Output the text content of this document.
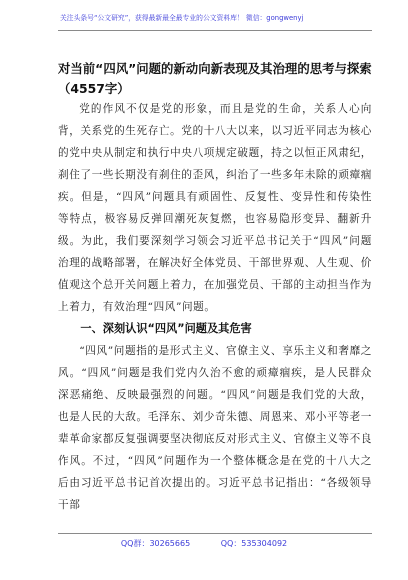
关注头条号“公文研究”，获得最新最全最专业的公文资料库！ 微信：gongwenyj
对当前“四风”问题的新动向新表现及其治理的思考与探索（4557字）

党的作风不仅是党的形象，而且是党的生命，关系人心向背，关系党的生死存亡。党的十八大以来，以习近平同志为核心的党中央从制定和执行中央八项规定破题，持之以恒正风肃纪，刹住了一些长期没有刹住的歪风，纠治了一些多年未除的顽瘴痼疾。但是，“四风”问题具有顽固性、反复性、变异性和传染性等特点，极容易反弹回潮死灰复燃，也容易隐形变异、翻新升级。为此，我们要深刻学习领会习近平总书记关于“四风”问题治理的战略部署，在解决好全体党员、干部世界观、人生观、价值观这个总开关问题上着力，在加强党员、干部的主动担当作为上着力，有效治理“四风”问题。

一、深刻认识“四风”问题及其危害

“四风”问题指的是形式主义、官僚主义、享乐主义和奢靡之风。“四风”问题是我们党内久治不愈的顽瘴痼疾，是人民群众深恶痛绝、反映最强烈的问题。“四风”问题是我们党的大敌，也是人民的大敌。毛泽东、刘少奇朱德、周恩来、邓小平等老一辈革命家都反复强调要坚决彻底反对形式主义、官僚主义等不良作风。不过，“四风”问题作为一个整体概念是在党的十八大之后由习近平总书记首次提出的。习近平总书记指出：“各级领导干部

QQ群：30265665	QQ：535304092
